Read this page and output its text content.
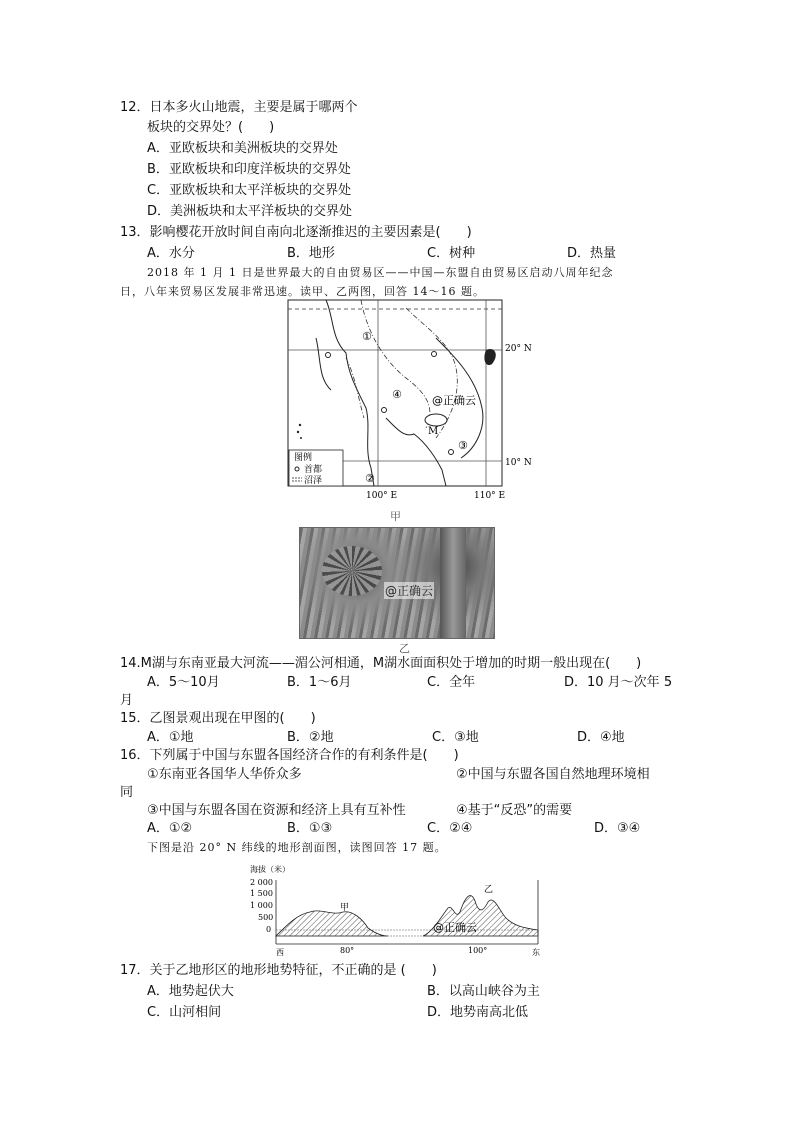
12．日本多火山地震，主要是属于哪两个
板块的交界处？(　　)
A．亚欧板块和美洲板块的交界处
B．亚欧板块和印度洋板块的交界处
C．亚欧板块和太平洋板块的交界处
D．美洲板块和太平洋板块的交界处
13．影响樱花开放时间自南向北逐渐推迟的主要因素是(　　)
A．水分	B．地形	C．树种	D．热量
2018 年 1 月 1 日是世界最大的自由贸易区——中国—东盟自由贸易区启动八周年纪念
日，八年来贸易区发展非常迅速。读甲、乙两图，回答 14～16 题。
①
②
③
④
M
20° N
10° N
100° E	110° E
@正确云
图例
首都
沼泽
甲
@正确云
乙
14.M湖与东南亚最大河流——湄公河相通，M湖水面面积处于增加的时期一般出现在(　　)
A．5～10月	B．1～6月	C．全年	D．10 月～次年 5
月
15．乙图景观出现在甲图的(　　)
A．①地	B．②地	C．③地	D．④地
16．下列属于中国与东盟各国经济合作的有利条件是(　　)
①东南亚各国华人华侨众多	②中国与东盟各国自然地理环境相
同
③中国与东盟各国在资源和经济上具有互补性	④基于“反恐”的需要
A．①②	B．①③	C．②④	D．③④
下图是沿 20° N 纬线的地形剖面图，读图回答 17 题。
海拔（米）
2 000
1 500
1 000
500
0
甲
乙
@正确云
西	80°	100°	东
17．关于乙地形区的地形地势特征，不正确的是 (　　)
A．地势起伏大	B．以高山峡谷为主
C．山河相间	D．地势南高北低
